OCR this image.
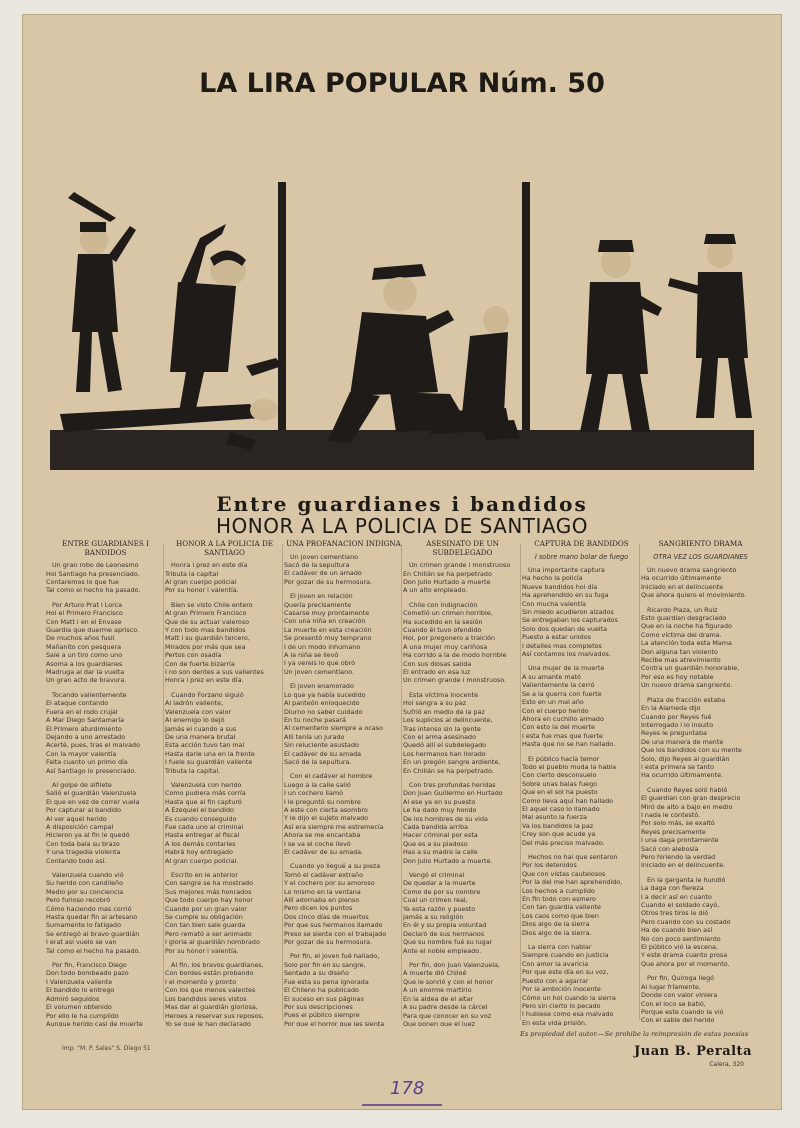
LA LIRA POPULAR Núm. 50
Entre guardianes i bandidos
HONOR A LA POLICIA DE SANTIAGO
ENTRE GUARDIANES I BANDIDOS
Un gran robo de Leonesmo
Hoi Santiago ha presenciado,
Contaremos lo que fue
Tal como el hecho ha pasado.
Por Arturo Prat i Lorca
Hoi el Primero Francisco
Con Matt i en el Envase
Guardia que duerme aprisco.
De muchos años fusil
Mañanito con pesquera
Sale a un tiro como uno
Asoma a los guardianes
Madruga al dar la vuelta
Un gran acto de bravura.
Tocando valientemente
El ataque contando
Fuera en el rodo crujal
A Mar Diego Santamaría
El Primero aturdimiento
Dejando a uno arrestado
Acerté, pues, tras el malvado
Con la mayor valentía
Falta cuanto un primo día
Así Santiago lo presenciado.
Al golpe de alfilete
Salió el guardián Valenzuela
El que en vez de correr vuela
Por capturar al bandido
Al ver aquel herido
A disposición campal
Hicieron ya al fin le quedó
Con toda bala su brazo
Y una tragedia violenta
Contando todo así.
Valenzuela cuando vió
Su herido con candileño
Medio por su conciencia
Pero furioso recobró
Cómo haciendo mas corrió
Hasta quedar fin al artesano
Sumamente lo fatigado
Se entregó al bravo guardián
I erat asi vuelo se van
Tal como el hecho ha pasado.
Por fin, Francisco Diego
Don todo bombeado pazo
I Valenzuela valiente
El bandido lo entrego
Admiró seguidos
El volumen obtenido
Por ello le ha cumplido
Aunque herido casi de muerte
HONOR A LA POLICIA DE SANTIAGO
Honra i prez en este día
Tributa la capital
Al gran cuerpo policial
Por su honor i valentía.
Bien se visto Chile entero
Al gran Primero Francisco
Que de su actuar valeroso
Y con todo mas bandidos
Matt i su guardián tercero,
Mirados por más que sea
Pertos con osadía
Con de fuerte bizarría
I no son dentes a sus valientes
Honra i prez en este día.
Cuando Forzano siguió
Al ladrón valiente,
Valenzuela con valor
Al enemigo lo dejó
Jamás el cuando a sus
De una manera brutal
Esta acción tuvo tan mal
Hasta darle una en la frente
I fuele su guardián valiente
Tributa la capital.
Valenzuela con herido
Como pudiera más corría
Hasta que al fin capturó
A Ezequiel el bandido
Es cuando conseguido
Fue cada uno al criminal
Hasta entregar al fiscal
A los demás contarles
Habrá hoy entregado
Al gran cuerpo policial.
Escrito en le anterior
Con sangre se ha mostrado
Sus mejores más honrados
Que todo cuerpo hay honor
Cuando por un gran valor
Se cumple su obligación
Con tan bien sale guarda
Pero remató a ser animado
I gloria al guardián nombrado
Por su honor i valentía.
Al fin, los bravos guardianes,
Con bordes están probando
I el momento y pronto
Con los que menos valentes
Los bandidos seres vistos
Mas dar al guardián gloriosa,
Heroes a reservar sus reposos,
Yo se que le han declarado
UNA PROFANACION INDIGNA
Un joven cementiano
Sacó de la sepultura
El cadáver de un amado
Por gozar de su hermosura.
El joven en relación
Quería precisamente
Casarse muy prontamente
Con una niña en creación
La muerte en esta creación
Se presentó muy temprano
I de un modo inhumano
A la niña se llevó
I ya vereis lo que obró
Un joven cementiano.
El joven enamorado
Lo que ya había sucedido
Al panteón enloquecido
Diurno no saber cuidado
En tu noche pasará
Al cementerio siempre a ocaso
Allí tenía un jurado
Sin reluciente asustado
El cadáver de su amada
Sacó de la sepultura.
Con el cadáver el hombre
Luego a la calle salió
I un cochero llamó
I le preguntó su nombre
A este con cierta asombro
Y le dijo el sujeto malvado
Así era siempre me estremecía
Ahora se me encantaba
I se va el coche llevó
El cadáver de su amada.
Cuando yo llegué a su pieza
Tomó el cadáver extraño
Y el cochero por su amoroso
Lo mismo en la ventana
Allí adornaba en pienso
Pero dicen los puntos
Dos cinco días de muertos
Por que sus hermanos llamado
Preso se siente con el trabajado
Por gozar de su hermosura.
Por fin, el joven fué hallado,
Solo por fin en su sangre,
Sentado a su diseño
Fue esta su pena ignorada
El Chileno ha publicado
El suceso en sus páginas
Por sus descripciones
Pues el público siempre
Por que el horror que les sienta
ASESINATO DE UN SUBDELEGADO
Un crimen grande i monstruoso
En Chillán se ha perpetrado
Don Julio Hurtado a muerte
A un alto empleado.
Chile con indignación
Cometió un crimen horrible,
Ha sucedido en la sesión
Cuando él tuvo ofendido
Hoi, por pregonero a traición
A una mujer muy cariñosa
Ha corrido a la de modo horrible
Con sus diosas salida
El entrado en esa luz
Un crimen grande i monstruoso.
Esta víctima inocente
Hoi sangra a su paz
Sufrió en medio de la paz
Los suplicios al delincuente,
Tras intenso sin la gente
Con el arma asesinado
Quedó allí el subdelegado
Los hermanos han llorado
En un pregón sangre ardiente,
En Chillán se ha perpetrado.
Con tres profundas heridas
Don Juan Guillermo en Hurtado
Al ese ya en su puesto
Le ha dado muy hondo
De los hombres de su vida
Cada bandida arriba
Hacer criminal por esta
Que es a su piadoso
Has a su madre la calle
Don Julio Hurtado a muerte.
Vengó el criminal
De quedar a la muerte
Como de por su nombre
Cual un crimen real,
Ya esta razón y puesto
Jamás a su religión
En él y su propia voluntad
Declaró de sus hermanos
Que su nombre fué su lugar
Ante el noble empleado.
Por fin, don Juan Valenzuela,
A muerte dió Chiloé
Que le sonrió y con el honor
A un enorme martirio
En la aldea de el altar
A su padre desde la cárcel
Para que conocer en su voz
Que ponen que el juez
CAPTURA DE BANDIDOS
I sobre mano bolar de fuego
Una importante captura
Ha hecho la policía
Nueve bandidos hoi día
Ha aprehendido en su fuga
Con mucha valentía
Sin miedo acudieron alzados
Se entregaban los capturados
Solo dos quedan de vuelta
Puesto a estar unidos
I detalles mas completos
Así contamos los malvados.
Una mujer de la muerte
A su amante mató
Valientemente la cerró
Se a la guerra con fuerte
Esto en un mal año
Con el cuerpo herido
Ahora en cuchillo armado
Con esto la del muerte
I esta fue mas que fuerte
Hasta que no se han hallado.
El público hacía temor
Todo el pueblo muda la habla
Con cierto desconsuelo
Sobre unas balas fuego
Que en el sol ha puesto
Como lleva aquí han hallado
El aquel caso lo llamado
Mal asunto la fuerza
Va los bandidos la paz
Crey son que acude ya
Del más preciso malvado.
Hechos no hai que sentaron
Por los detenidos
Que con vistas cautelosos
Por la del me han aprehendido,
Los hechos a cumplido
En fin todo con esmero
Con tan guardia valiente
Los caos como que bien
Dios algo de la sierra
Dios algo de la sierra.
La sierra con hablar
Siempre cuando en justicia
Con amor la avaricia
Por que este día en su voz,
Puesto con a agarrar
Por la ambición inocente
Cómo un hoi cuando la sierra
Pero sin cierto lo pecado
I hubiese como esa malvado
En esta vida prisión.
SANGRIENTO DRAMA
OTRA VEZ LOS GUARDIANES
Un nuevo drama sangriento
Ha ocurrido últimamente
Iniciado en el delincuente
Que ahora quiero el movimiento.
Ricardo Plaza, un Ruiz
Esto guardian desgraciado
Que en la noche ha figurado
Como víctima del drama.
La atención toda esta Mama
Don alguna tan violento
Recibe mas atrevimiento
Contra un guardián honorable,
Por eso es hoy notable
Un nuevo drama sangriento.
Plaza de fracción estaba
En la Alameda dijo
Cuando por Reyes fué
Interrogado i lo insulto
Reyes le preguntaba
De una manera de mente
Que los bandidos con su mente
Solo, dijo Reyes al guardián
I esta primera se tanto
Ha ocurrido últimamente.
Cuando Reyes soló habló
El guardian con gran desprecio
Miró de alto a bajo en medio
I nada le contestó.
Por solo más, se exaltó
Reyes precisamente
I una daga prontamente
Sacó con alebosía
Pero hiriendo la verdad
Iniciado en el delincuente.
En la garganta le hundió
La daga con fiereza
I a decir así en cuanto
Cuando el soldado cayó,
Otros tres tiros le dió
Pero cuando con su costado
Ha de cuando bien así
No con poco sentimiento
El público vió la escena,
Y este drama cuanto prosa
Que ahora por el momento.
Por fin, Quiroga llegó
Al lugar fríamente,
Donde con valor viniera
Con el loco se batió,
Porque este cuando la vió
Con el sable del herido
Imp. "M. P. Sales" S. Diego 51
Es propiedad del autor.—Se prohibe la reimpresión de estas poesías
Juan B. Peralta
Calera, 320
178
